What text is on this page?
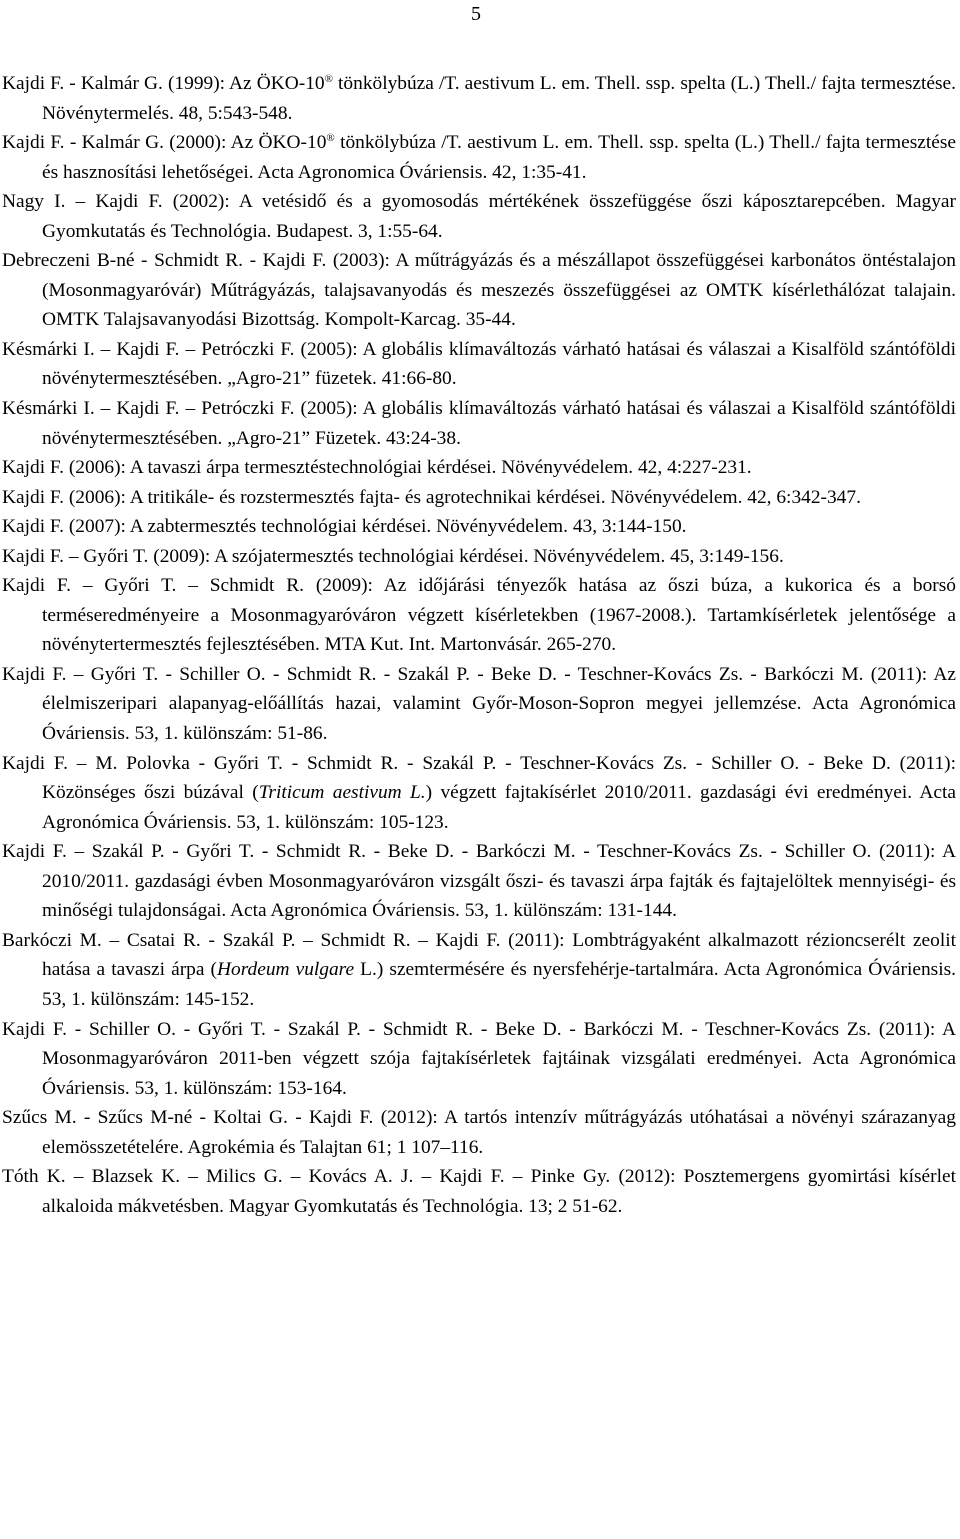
5
Kajdi F. - Kalmár G. (1999): Az ÖKO-10® tönkölybúza /T. aestivum L. em. Thell. ssp. spelta (L.) Thell./ fajta termesztése. Növénytermelés. 48, 5:543-548.
Kajdi F. - Kalmár G. (2000): Az ÖKO-10® tönkölybúza /T. aestivum L. em. Thell. ssp. spelta (L.) Thell./ fajta termesztése és hasznosítási lehetőségei. Acta Agronomica Óváriensis. 42, 1:35-41.
Nagy I. – Kajdi F. (2002): A vetésidő és a gyomosodás mértékének összefüggése őszi káposztarepcében. Magyar Gyomkutatás és Technológia. Budapest. 3, 1:55-64.
Debreczeni B-né - Schmidt R. - Kajdi F. (2003): A műtrágyázás és a mészállapot összefüggései karbonátos öntéstalajon (Mosonmagyaróvár) Műtrágyázás, talajsavanyodás és meszezés összefüggései az OMTK kísérlethálózat talajain. OMTK Talajsavanyodási Bizottság. Kompolt-Karcag. 35-44.
Késmárki I. – Kajdi F. – Petróczki F. (2005): A globális klímaváltozás várható hatásai és válaszai a Kisalföld szántóföldi növénytermesztésében. „Agro-21” füzetek. 41:66-80.
Késmárki I. – Kajdi F. – Petróczki F. (2005): A globális klímaváltozás várható hatásai és válaszai a Kisalföld szántóföldi növénytermesztésében. „Agro-21” Füzetek. 43:24-38.
Kajdi F. (2006): A tavaszi árpa termesztéstechnológiai kérdései. Növényvédelem. 42, 4:227-231.
Kajdi F. (2006): A tritikále- és rozstermesztés fajta- és agrotechnikai kérdései. Növényvédelem. 42, 6:342-347.
Kajdi F. (2007): A zabtermesztés technológiai kérdései. Növényvédelem. 43, 3:144-150.
Kajdi F. – Győri T. (2009): A szójatermesztés technológiai kérdései. Növényvédelem. 45, 3:149-156.
Kajdi F. – Győri T. – Schmidt R. (2009): Az időjárási tényezők hatása az őszi búza, a kukorica és a borsó terméseredményeire a Mosonmagyaróváron végzett kísérletekben (1967-2008.). Tartamkísérletek jelentősége a növénytertermesztés fejlesztésében. MTA Kut. Int. Martonvásár. 265-270.
Kajdi F. – Győri T. - Schiller O. - Schmidt R. - Szakál P. - Beke D. - Teschner-Kovács Zs. - Barkóczi M. (2011): Az élelmiszeripari alapanyag-előállítás hazai, valamint Győr-Moson-Sopron megyei jellemzése. Acta Agronómica Óváriensis. 53, 1. különszám: 51-86.
Kajdi F. – M. Polovka - Győri T. - Schmidt R. - Szakál P. - Teschner-Kovács Zs. - Schiller O. - Beke D. (2011): Közönséges őszi búzával (Triticum aestivum L.) végzett fajtakísérlet 2010/2011. gazdasági évi eredményei. Acta Agronómica Óváriensis. 53, 1. különszám: 105-123.
Kajdi F. – Szakál P. - Győri T. - Schmidt R. - Beke D. - Barkóczi M. - Teschner-Kovács Zs. - Schiller O. (2011): A 2010/2011. gazdasági évben Mosonmagyaróváron vizsgált őszi- és tavaszi árpa fajták és fajtajelöltek mennyiségi- és minőségi tulajdonságai. Acta Agronómica Óváriensis. 53, 1. különszám: 131-144.
Barkóczi M. – Csatai R. - Szakál P. – Schmidt R. – Kajdi F. (2011): Lombtrágyaként alkalmazott rézioncserélt zeolit hatása a tavaszi árpa (Hordeum vulgare L.) szemtermésére és nyersfehérje-tartalmára. Acta Agronómica Óváriensis. 53, 1. különszám: 145-152.
Kajdi F. - Schiller O. - Győri T. - Szakál P. - Schmidt R. - Beke D. - Barkóczi M. - Teschner-Kovács Zs. (2011): A Mosonmagyaróváron 2011-ben végzett szója fajtakísérletek fajtáinak vizsgálati eredményei. Acta Agronómica Óváriensis. 53, 1. különszám: 153-164.
Szűcs M. - Szűcs M-né - Koltai G. - Kajdi F. (2012): A tartós intenzív műtrágyázás utóhatásai a növényi szárazanyag elemösszetételére. Agrokémia és Talajtan 61; 1 107–116.
Tóth K. – Blazsek K. – Milics G. – Kovács A. J. – Kajdi F. – Pinke Gy. (2012): Posztemergens gyomirtási kísérlet alkaloida mákvetésben. Magyar Gyomkutatás és Technológia. 13; 2 51-62.
